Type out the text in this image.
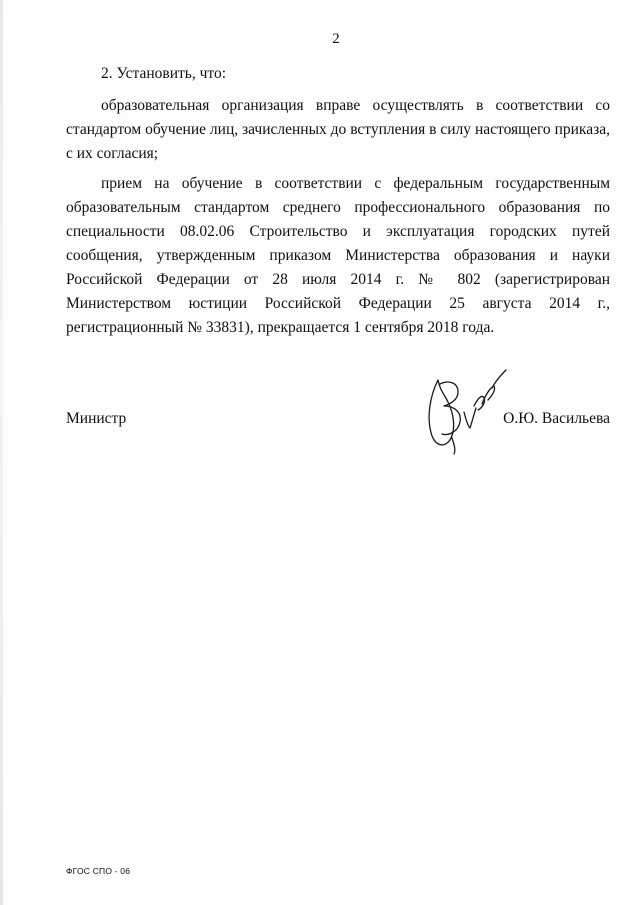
2

2. Установить, что:

образовательная организация вправе осуществлять в соответствии со стандартом обучение лиц, зачисленных до вступления в силу настоящего приказа, с их согласия;

прием на обучение в соответствии с федеральным государственным образовательным стандартом среднего профессионального образования по специальности 08.02.06 Строительство и эксплуатация городских путей сообщения, утвержденным приказом Министерства образования и науки Российской Федерации от 28 июля 2014 г. № 802 (зарегистрирован Министерством юстиции Российской Федерации 25 августа 2014 г., регистрационный № 33831), прекращается 1 сентября 2018 года.

Министр	О.Ю. Васильева
ФГОС СПО - 06
